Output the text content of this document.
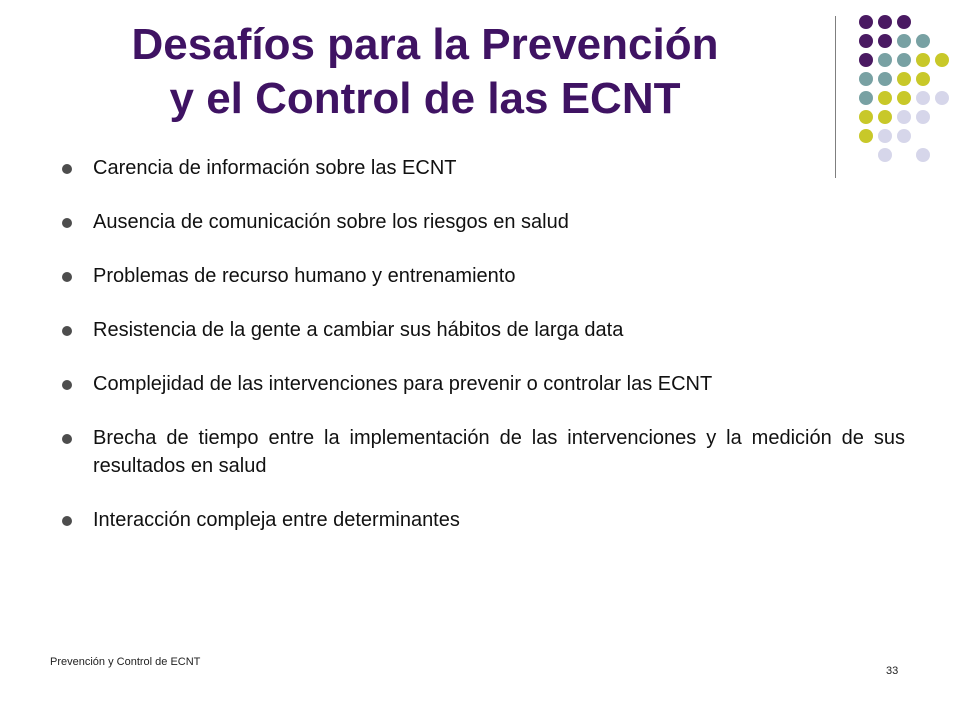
Desafíos para la Prevención
y el Control de las ECNT
Carencia de información sobre las ECNT
Ausencia de comunicación sobre los riesgos en salud
Problemas de recurso humano y entrenamiento
Resistencia de la gente a cambiar sus hábitos de larga data
Complejidad de las intervenciones para prevenir o controlar las ECNT
Brecha de tiempo entre la implementación de las intervenciones y la medición de sus resultados en salud
Interacción compleja entre determinantes
Prevención y Control de ECNT
33
